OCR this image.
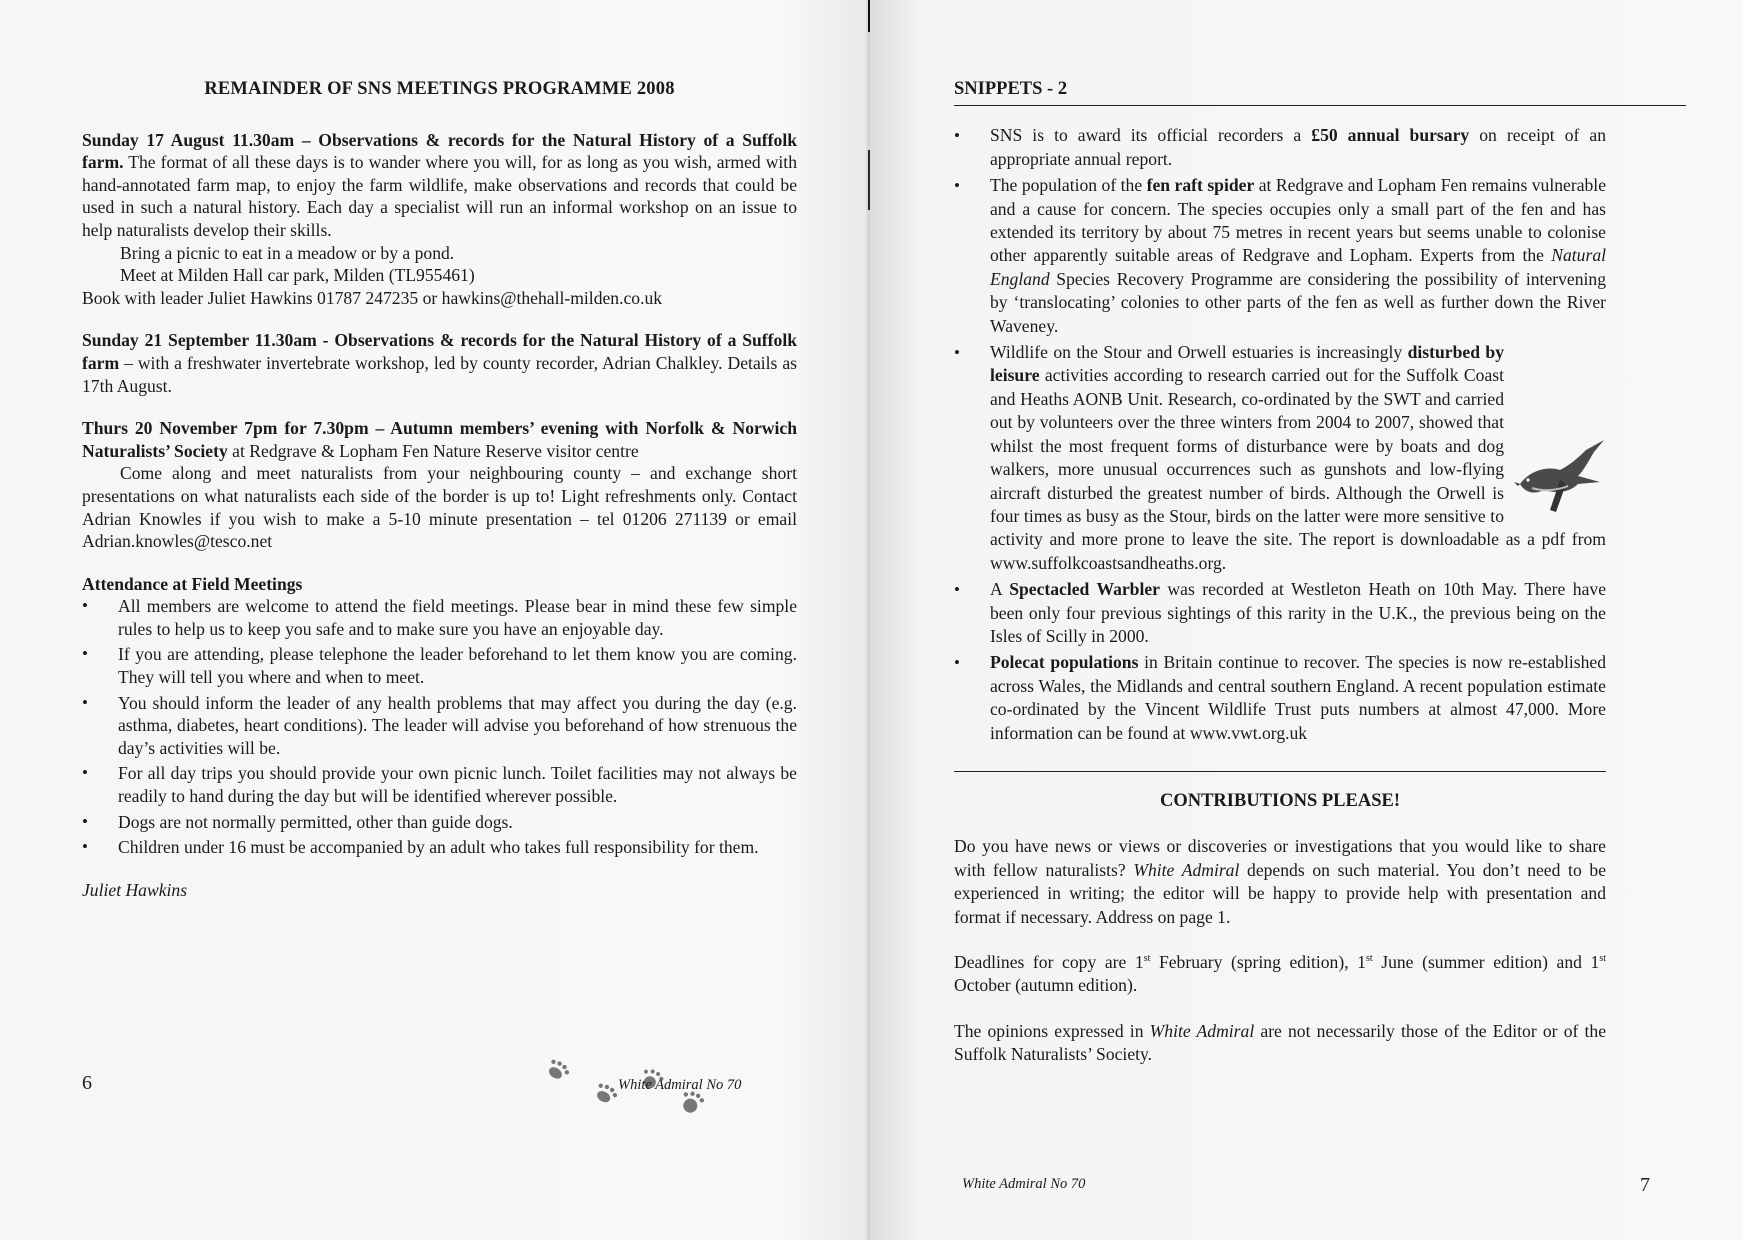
REMAINDER OF SNS MEETINGS PROGRAMME 2008
Sunday 17 August 11.30am – Observations & records for the Natural History of a Suffolk farm. The format of all these days is to wander where you will, for as long as you wish, armed with hand-annotated farm map, to enjoy the farm wildlife, make observations and records that could be used in such a natural history. Each day a specialist will run an informal workshop on an issue to help naturalists develop their skills.
Bring a picnic to eat in a meadow or by a pond.
Meet at Milden Hall car park, Milden (TL955461)
Book with leader Juliet Hawkins 01787 247235 or hawkins@thehall-milden.co.uk
Sunday 21 September 11.30am - Observations & records for the Natural History of a Suffolk farm – with a freshwater invertebrate workshop, led by county recorder, Adrian Chalkley. Details as 17th August.
Thurs 20 November 7pm for 7.30pm – Autumn members’ evening with Norfolk & Norwich Naturalists’ Society at Redgrave & Lopham Fen Nature Reserve visitor centre
Come along and meet naturalists from your neighbouring county – and exchange short presentations on what naturalists each side of the border is up to! Light refreshments only. Contact Adrian Knowles if you wish to make a 5-10 minute presentation – tel 01206 271139 or email Adrian.knowles@tesco.net

Attendance at Field Meetings

• All members are welcome to attend the field meetings. Please bear in mind these few simple rules to help us to keep you safe and to make sure you have an enjoyable day.
• If you are attending, please telephone the leader beforehand to let them know you are coming. They will tell you where and when to meet.
• You should inform the leader of any health problems that may affect you during the day (e.g. asthma, diabetes, heart conditions). The leader will advise you beforehand of how strenuous the day’s activities will be.
• For all day trips you should provide your own picnic lunch. Toilet facilities may not always be readily to hand during the day but will be identified wherever possible.
• Dogs are not normally permitted, other than guide dogs.
• Children under 16 must be accompanied by an adult who takes full responsibility for them.
Juliet Hawkins
6	White Admiral No 70

SNIPPETS - 2

• SNS is to award its official recorders a £50 annual bursary on receipt of an appropriate annual report.
• The population of the fen raft spider at Redgrave and Lopham Fen remains vulnerable and a cause for concern. The species occupies only a small part of the fen and has extended its territory by about 75 metres in recent years but seems unable to colonise other apparently suitable areas of Redgrave and Lopham. Experts from the Natural England Species Recovery Programme are considering the possibility of intervening by ‘translocating’ colonies to other parts of the fen as well as further down the River Waveney.
• Wildlife on the Stour and Orwell estuaries is increasingly disturbed by leisure activities according to research carried out for the Suffolk Coast and Heaths AONB Unit. Research, co-ordinated by the SWT and carried out by volunteers over the three winters from 2004 to 2007, showed that whilst the most frequent forms of disturbance were by boats and dog walkers, more unusual occurrences such as gunshots and low-flying aircraft disturbed the greatest number of birds. Although the Orwell is four times as busy as the Stour, birds on the latter were more sensitive to activity and more prone to leave the site. The report is downloadable as a pdf from www.suffolkcoastsandheaths.org.
• A Spectacled Warbler was recorded at Westleton Heath on 10th May. There have been only four previous sightings of this rarity in the U.K., the previous being on the Isles of Scilly in 2000.
• Polecat populations in Britain continue to recover. The species is now re-established across Wales, the Midlands and central southern England. A recent population estimate co-ordinated by the Vincent Wildlife Trust puts numbers at almost 47,000. More information can be found at www.vwt.org.uk
CONTRIBUTIONS PLEASE!

Do you have news or views or discoveries or investigations that you would like to share with fellow naturalists? White Admiral depends on such material. You don’t need to be experienced in writing; the editor will be happy to provide help with presentation and format if necessary. Address on page 1.

Deadlines for copy are 1st February (spring edition), 1st June (summer edition) and 1st October (autumn edition).

The opinions expressed in White Admiral are not necessarily those of the Editor or of the Suffolk Naturalists’ Society.

White Admiral No 70	7
